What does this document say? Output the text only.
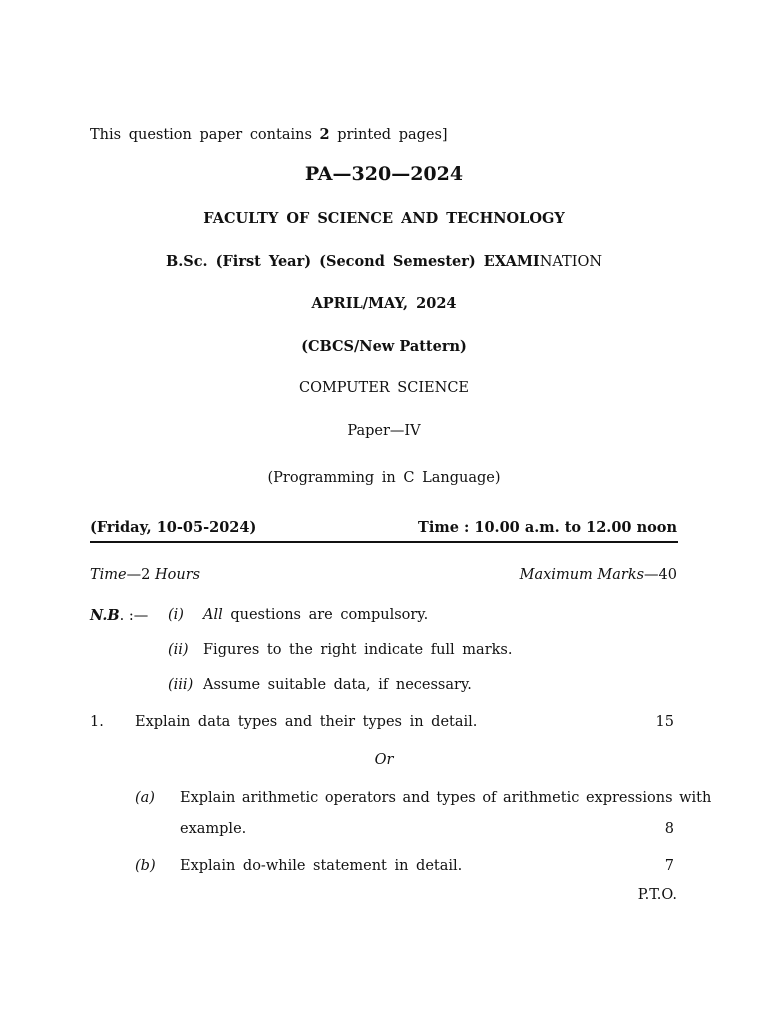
This question paper contains 2 printed pages]
PA—320—2024
FACULTY OF SCIENCE AND TECHNOLOGY
B.Sc. (First Year) (Second Semester) EXAMINATION
APRIL/MAY, 2024
(CBCS/New Pattern)
COMPUTER SCIENCE
Paper—IV
(Programming in C Language)
(Friday, 10-05-2024)	Time : 10.00 a.m. to 12.00 noon
Time—2 Hours	Maximum Marks—40
N.B. :— (i) All questions are compulsory.
(ii) Figures to the right indicate full marks.
(iii) Assume suitable data, if necessary.
1. Explain data types and their types in detail.	15
Or
(a) Explain arithmetic operators and types of arithmetic expressions with
example.	8
(b) Explain do-while statement in detail.	7
P.T.O.
